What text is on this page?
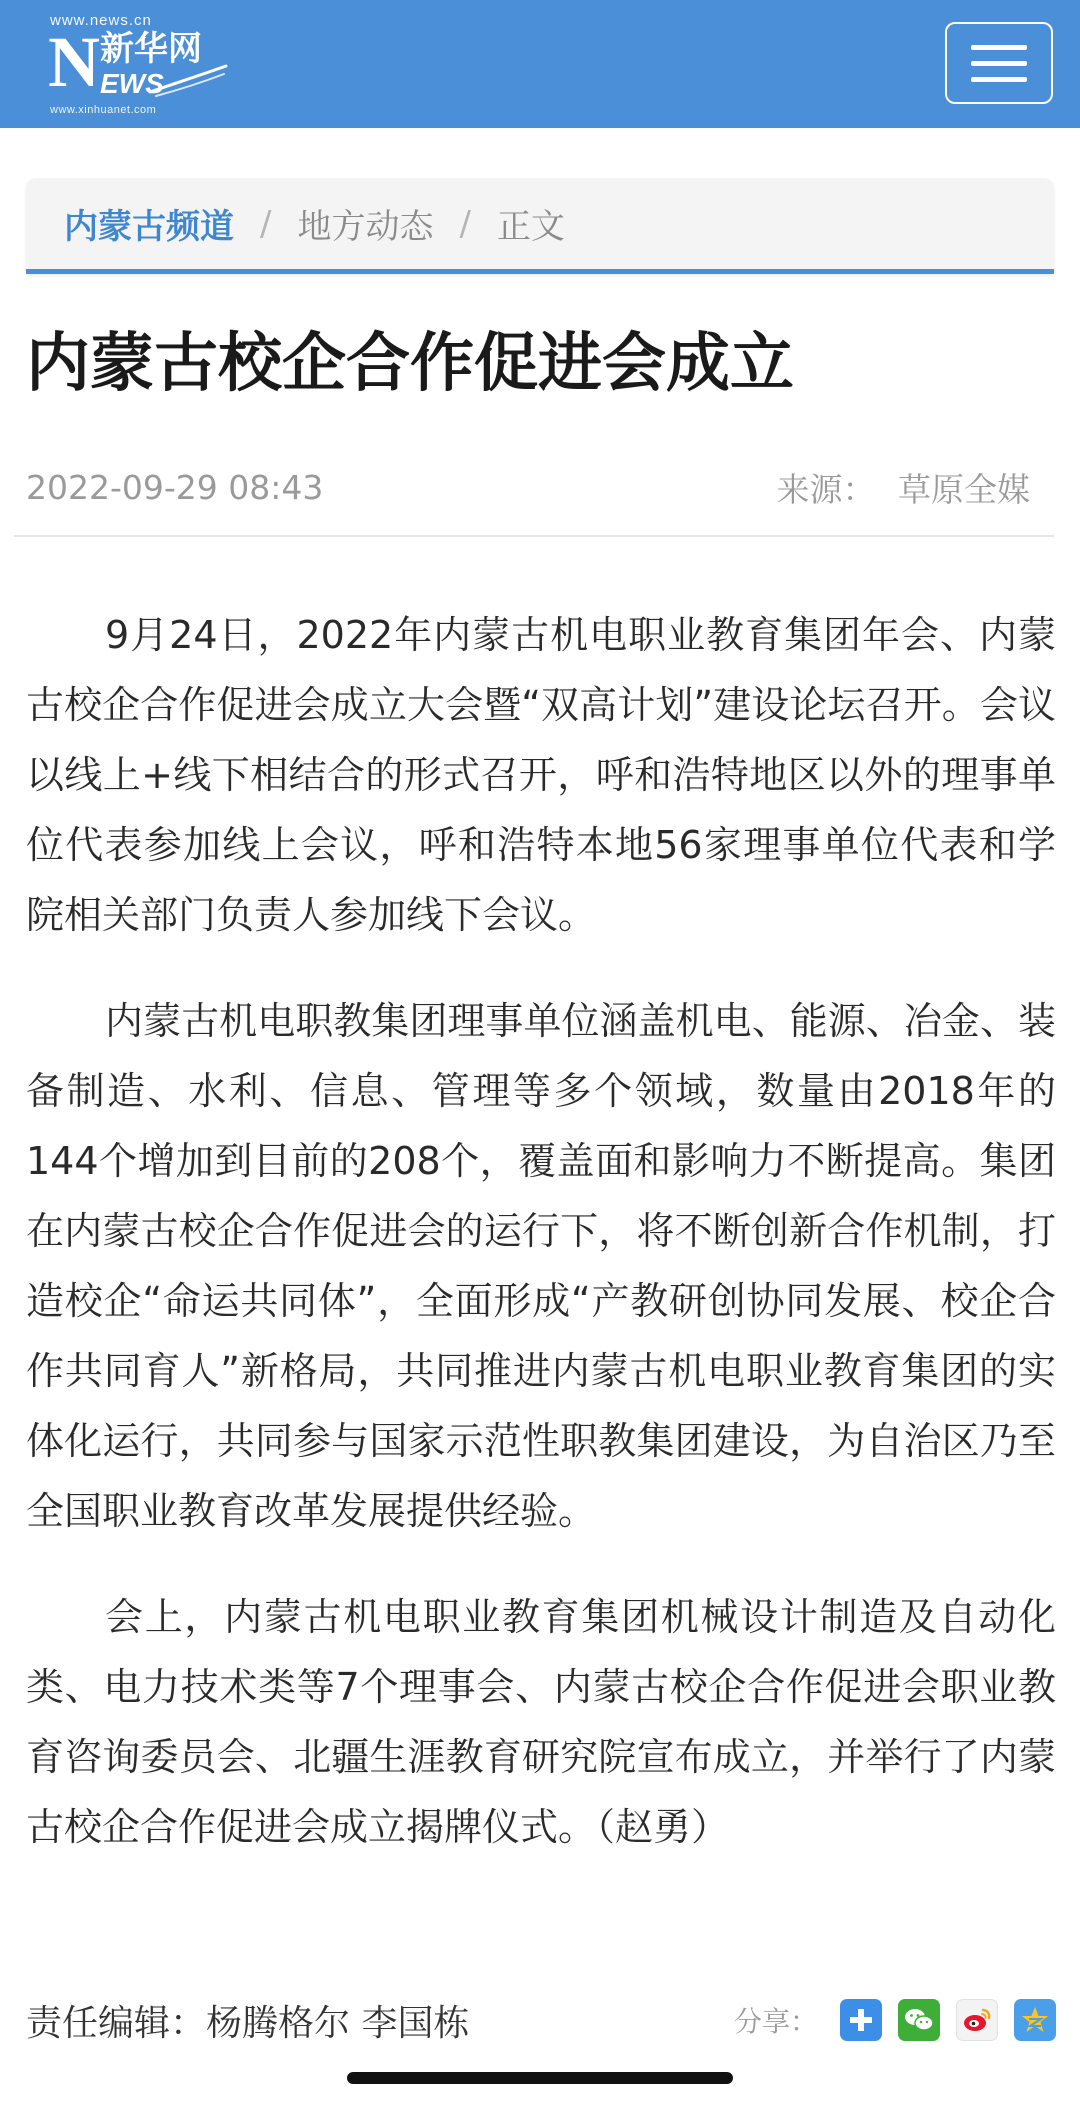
www.news.cn
N 新华网
EWS
www.xinhuanet.com
内蒙古频道 / 地方动态 / 正文
内蒙古校企合作促进会成立
2022-09-29 08:43	来源： 草原全媒

9月24日，2022年内蒙古机电职业教育集团年会、内蒙古校企合作促进会成立大会暨“双高计划”建设论坛召开。会议以线上+线下相结合的形式召开，呼和浩特地区以外的理事单位代表参加线上会议，呼和浩特本地56家理事单位代表和学院相关部门负责人参加线下会议。

内蒙古机电职教集团理事单位涵盖机电、能源、冶金、装备制造、水利、信息、管理等多个领域，数量由2018年的144个增加到目前的208个，覆盖面和影响力不断提高。集团在内蒙古校企合作促进会的运行下，将不断创新合作机制，打造校企“命运共同体”，全面形成“产教研创协同发展、校企合作共同育人”新格局，共同推进内蒙古机电职业教育集团的实体化运行，共同参与国家示范性职教集团建设，为自治区乃至全国职业教育改革发展提供经验。

会上，内蒙古机电职业教育集团机械设计制造及自动化类、电力技术类等7个理事会、内蒙古校企合作促进会职业教育咨询委员会、北疆生涯教育研究院宣布成立，并举行了内蒙古校企合作促进会成立揭牌仪式。（赵勇）

责任编辑：杨腾格尔 李国栋	分享：
